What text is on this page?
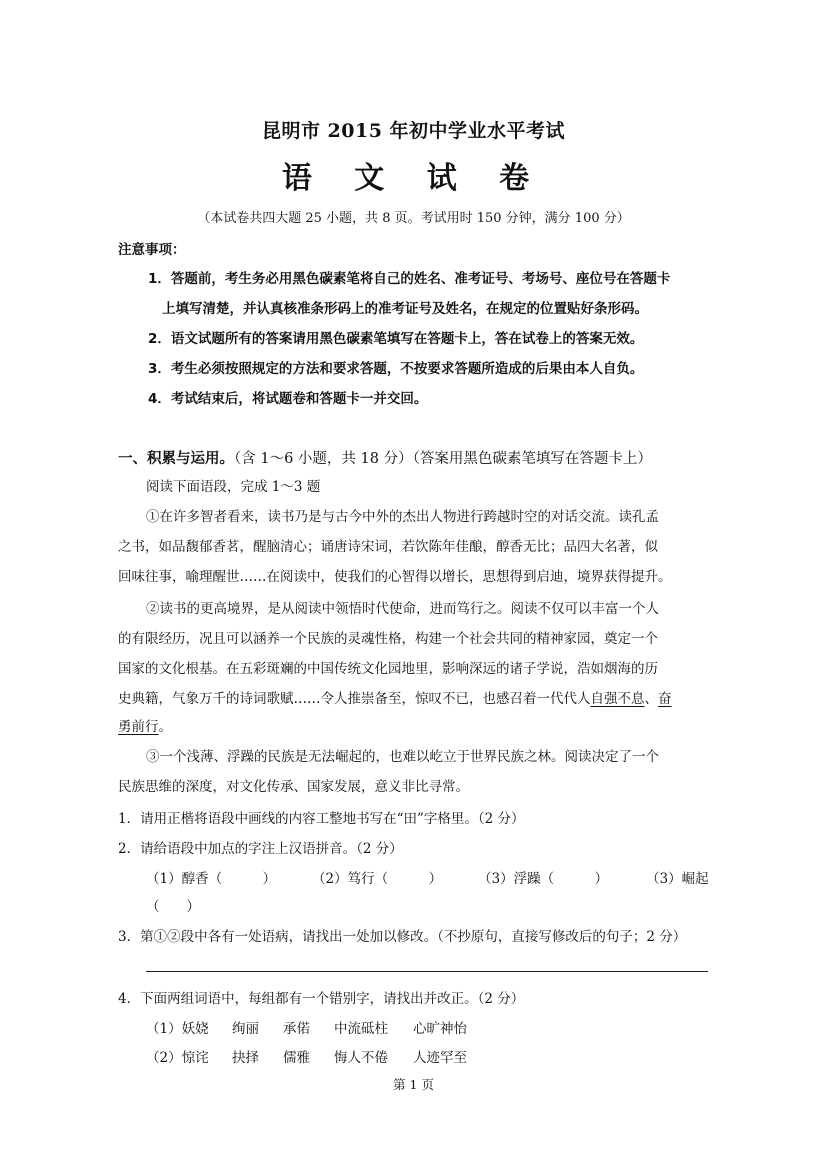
昆明市 2015 年初中学业水平考试
语 文 试 卷
（本试卷共四大题 25 小题，共 8 页。考试用时 150 分钟，满分 100 分）
注意事项：
1．答题前，考生务必用黑色碳素笔将自己的姓名、准考证号、考场号、座位号在答题卡
上填写清楚，并认真核准条形码上的准考证号及姓名，在规定的位置贴好条形码。
2．语文试题所有的答案请用黑色碳素笔填写在答题卡上，答在试卷上的答案无效。
3．考生必须按照规定的方法和要求答题，不按要求答题所造成的后果由本人自负。
4．考试结束后，将试题卷和答题卡一并交回。
一、积累与运用。（含 1～6 小题，共 18 分）（答案用黑色碳素笔填写在答题卡上）
阅读下面语段，完成 1～3 题
①在许多智者看来，读书乃是与古今中外的杰出人物进行跨越时空的对话交流。读孔孟
之书，如品馥郁香茗，醒脑清心；诵唐诗宋词，若饮陈年佳酿，醇香无比；品四大名著，似
回味往事，喻理醒世……在阅读中，使我们的心智得以增长，思想得到启迪，境界获得提升。
②读书的更高境界，是从阅读中领悟时代使命，进而笃行之。阅读不仅可以丰富一个人
的有限经历，况且可以涵养一个民族的灵魂性格，构建一个社会共同的精神家园，奠定一个
国家的文化根基。在五彩斑斓的中国传统文化园地里，影响深远的诸子学说，浩如烟海的历
史典籍，气象万千的诗词歌赋……令人推崇备至，惊叹不已，也感召着一代代人自强不息、奋
勇前行。
③一个浅薄、浮躁的民族是无法崛起的，也难以屹立于世界民族之林。阅读决定了一个
民族思维的深度，对文化传承、国家发展，意义非比寻常。
1．请用正楷将语段中画线的内容工整地书写在“田”字格里。（2 分）
2．请给语段中加点的字注上汉语拼音。（2 分）
（1）醇香（　　　）	（2）笃行（　　　）	（3）浮躁（　　　）	（3）崛起
（　　）
3．第①②段中各有一处语病，请找出一处加以修改。（不抄原句，直接写修改后的句子；2 分）
4．下面两组词语中，每组都有一个错别字，请找出并改正。（2 分）
（1）妖娆 绚丽 承偌 中流砥柱 心旷神怡
（2）惊诧 抉择 儒雅 悔人不倦 人迹罕至
第 1 页
